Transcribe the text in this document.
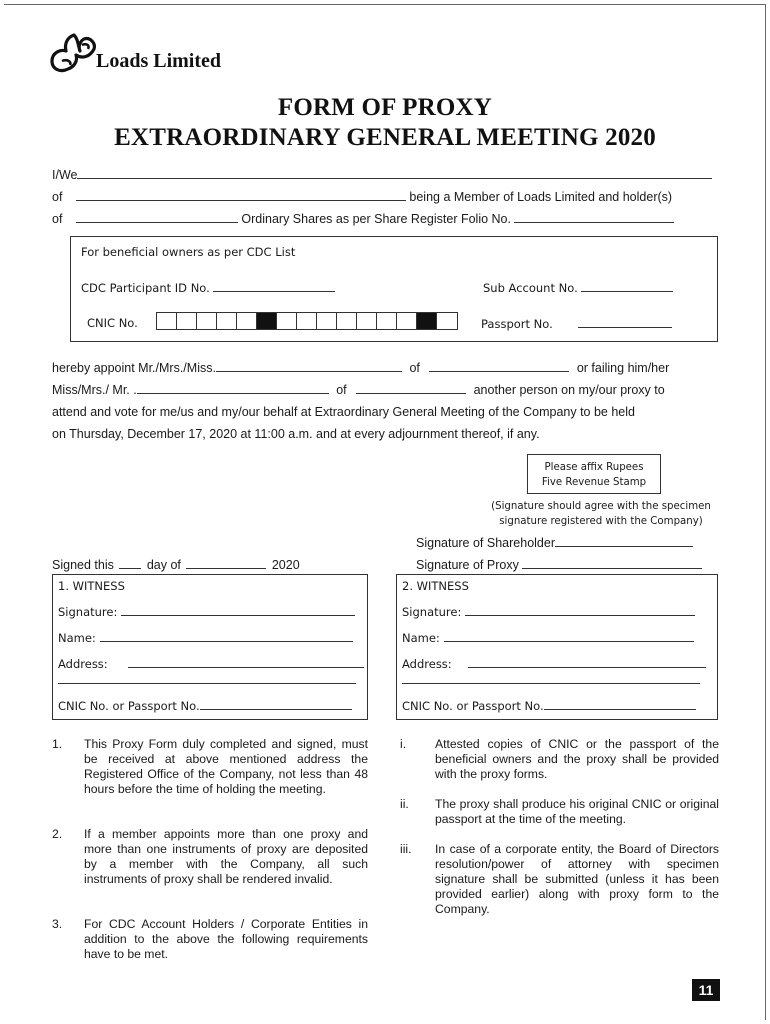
Loads Limited
FORM OF PROXY
EXTRAORDINARY GENERAL MEETING 2020
I/We
of	being a Member of Loads Limited and holder(s)
of	Ordinary Shares as per Share Register Folio No.
For beneficial owners as per CDC List
CDC Participant ID No.	Sub Account No.
CNIC No.	Passport No.
hereby appoint Mr./Mrs./Miss.	of	or failing him/her
Miss/Mrs./ Mr. .	of	another person on my/our proxy to
attend and vote for me/us and my/our behalf at Extraordinary General Meeting of the Company to be held
on Thursday, December 17, 2020 at 11:00 a.m. and at every adjournment thereof, if any.
Please affix Rupees
Five Revenue Stamp
(Signature should agree with the specimen
signature registered with the Company)
Signature of Shareholder
Signed this	day of	2020	Signature of Proxy
1. WITNESS
Signature:
Name:
Address:
CNIC No. or Passport No.
2. WITNESS
Signature:
Name:
Address:
CNIC No. or Passport No.
1. This Proxy Form duly completed and signed, must be received at above mentioned address the Registered Office of the Company, not less than 48 hours before the time of holding the meeting.
2. If a member appoints more than one proxy and more than one instruments of proxy are deposited by a member with the Company, all such instruments of proxy shall be rendered invalid.
3. For CDC Account Holders / Corporate Entities in addition to the above the following requirements have to be met.
i. Attested copies of CNIC or the passport of the beneficial owners and the proxy shall be provided with the proxy forms.
ii. The proxy shall produce his original CNIC or original passport at the time of the meeting.
iii. In case of a corporate entity, the Board of Directors resolution/power of attorney with specimen signature shall be submitted (unless it has been provided earlier) along with proxy form to the Company.
11
